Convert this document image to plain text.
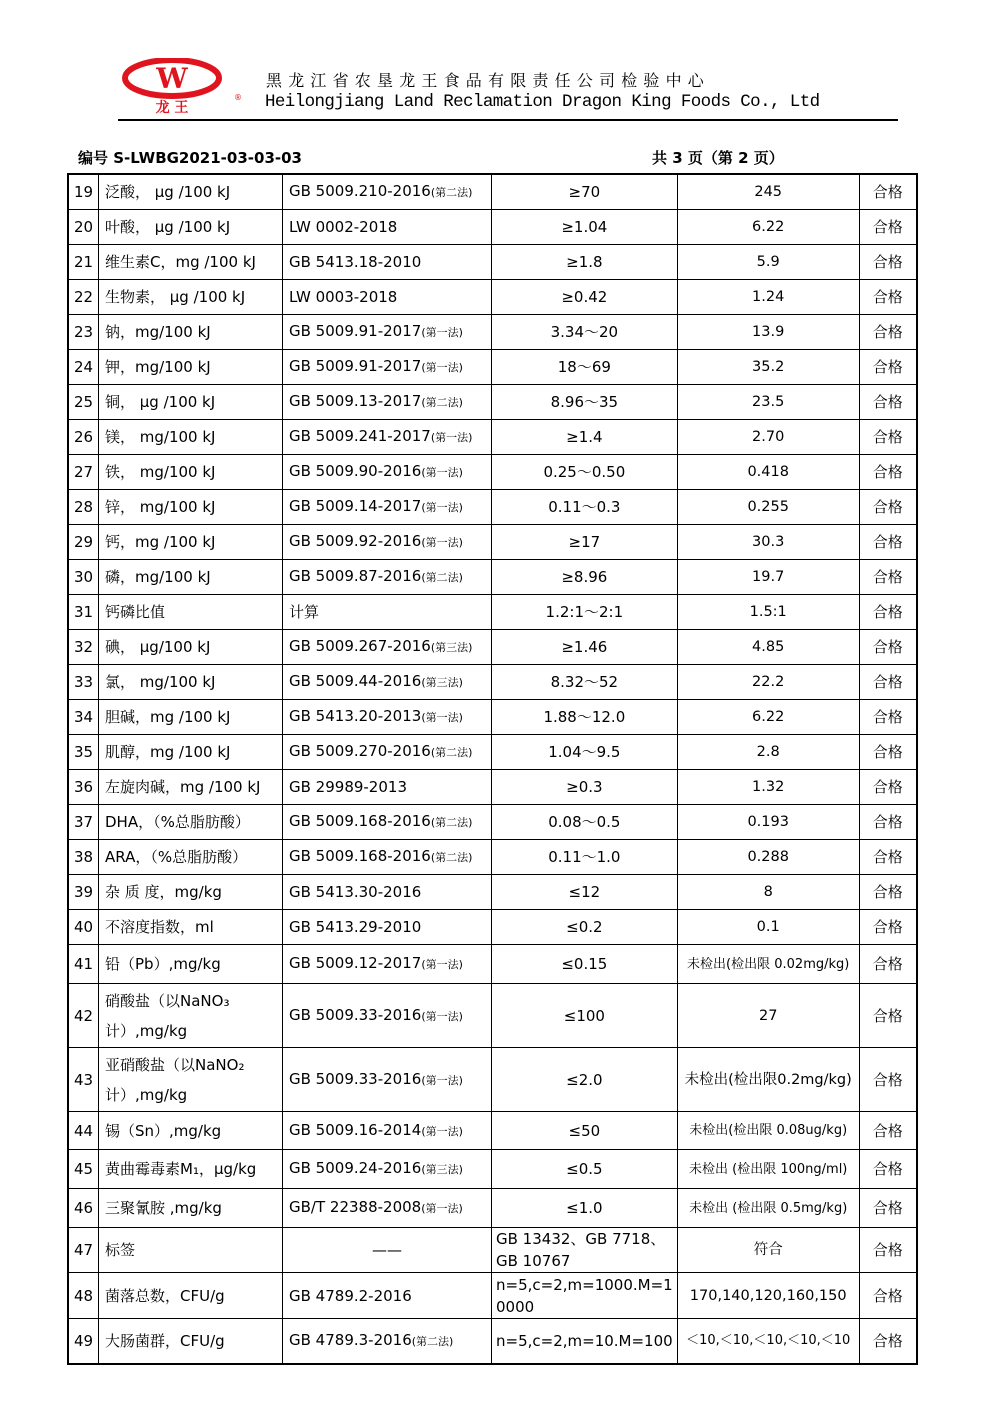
W
龙 王
®
黑龙江省农垦龙王食品有限责任公司检验中心
Heilongjiang Land Reclamation Dragon King Foods Co., Ltd
编号 S-LWBG2021-03-03-03	共 3 页（第 2 页）
19	泛酸， μg /100 kJ	GB 5009.210-2016(第二法)	≥70	245	合格
20	叶酸， μg /100 kJ	LW 0002-2018	≥1.04	6.22	合格
21	维生素C，mg /100 kJ	GB 5413.18-2010	≥1.8	5.9	合格
22	生物素， μg /100 kJ	LW 0003-2018	≥0.42	1.24	合格
23	钠，mg/100 kJ	GB 5009.91-2017(第一法)	3.34～20	13.9	合格
24	钾，mg/100 kJ	GB 5009.91-2017(第一法)	18～69	35.2	合格
25	铜， μg /100 kJ	GB 5009.13-2017(第二法)	8.96～35	23.5	合格
26	镁， mg/100 kJ	GB 5009.241-2017(第一法)	≥1.4	2.70	合格
27	铁， mg/100 kJ	GB 5009.90-2016(第一法)	0.25～0.50	0.418	合格
28	锌， mg/100 kJ	GB 5009.14-2017(第一法)	0.11～0.3	0.255	合格
29	钙，mg /100 kJ	GB 5009.92-2016(第一法)	≥17	30.3	合格
30	磷，mg/100 kJ	GB 5009.87-2016(第二法)	≥8.96	19.7	合格
31	钙磷比值	计算	1.2:1～2:1	1.5:1	合格
32	碘， μg/100 kJ	GB 5009.267-2016(第三法)	≥1.46	4.85	合格
33	氯， mg/100 kJ	GB 5009.44-2016(第三法)	8.32～52	22.2	合格
34	胆碱，mg /100 kJ	GB 5413.20-2013(第一法)	1.88～12.0	6.22	合格
35	肌醇，mg /100 kJ	GB 5009.270-2016(第二法)	1.04～9.5	2.8	合格
36	左旋肉碱，mg /100 kJ	GB 29989-2013	≥0.3	1.32	合格
37	DHA，（%总脂肪酸）	GB 5009.168-2016(第二法)	0.08～0.5	0.193	合格
38	ARA，（%总脂肪酸）	GB 5009.168-2016(第二法)	0.11～1.0	0.288	合格
39	杂 质 度，mg/kg	GB 5413.30-2016	≤12	8	合格
40	不溶度指数，ml	GB 5413.29-2010	≤0.2	0.1	合格
41	铅（Pb）,mg/kg	GB 5009.12-2017(第一法)	≤0.15	未检出(检出限 0.02mg/kg)	合格
42	硝酸盐（以NaNO₃ 计）,mg/kg	GB 5009.33-2016(第一法)	≤100	27	合格
43	亚硝酸盐（以NaNO₂ 计）,mg/kg	GB 5009.33-2016(第一法)	≤2.0	未检出(检出限0.2mg/kg)	合格
44	锡（Sn）,mg/kg	GB 5009.16-2014(第一法)	≤50	未检出(检出限 0.08ug/kg)	合格
45	黄曲霉毒素M₁，μg/kg	GB 5009.24-2016(第三法)	≤0.5	未检出 (检出限 100ng/ml)	合格
46	三聚氰胺 ,mg/kg	GB/T 22388-2008(第一法)	≤1.0	未检出 (检出限 0.5mg/kg)	合格
47	标签	——	GB 13432、GB 7718、GB 10767	符合	合格
48	菌落总数，CFU/g	GB 4789.2-2016	n=5,c=2,m=1000.M=10000	170,140,120,160,150	合格
49	大肠菌群，CFU/g	GB 4789.3-2016(第二法)	n=5,c=2,m=10.M=100	＜10,＜10,＜10,＜10,＜10	合格
